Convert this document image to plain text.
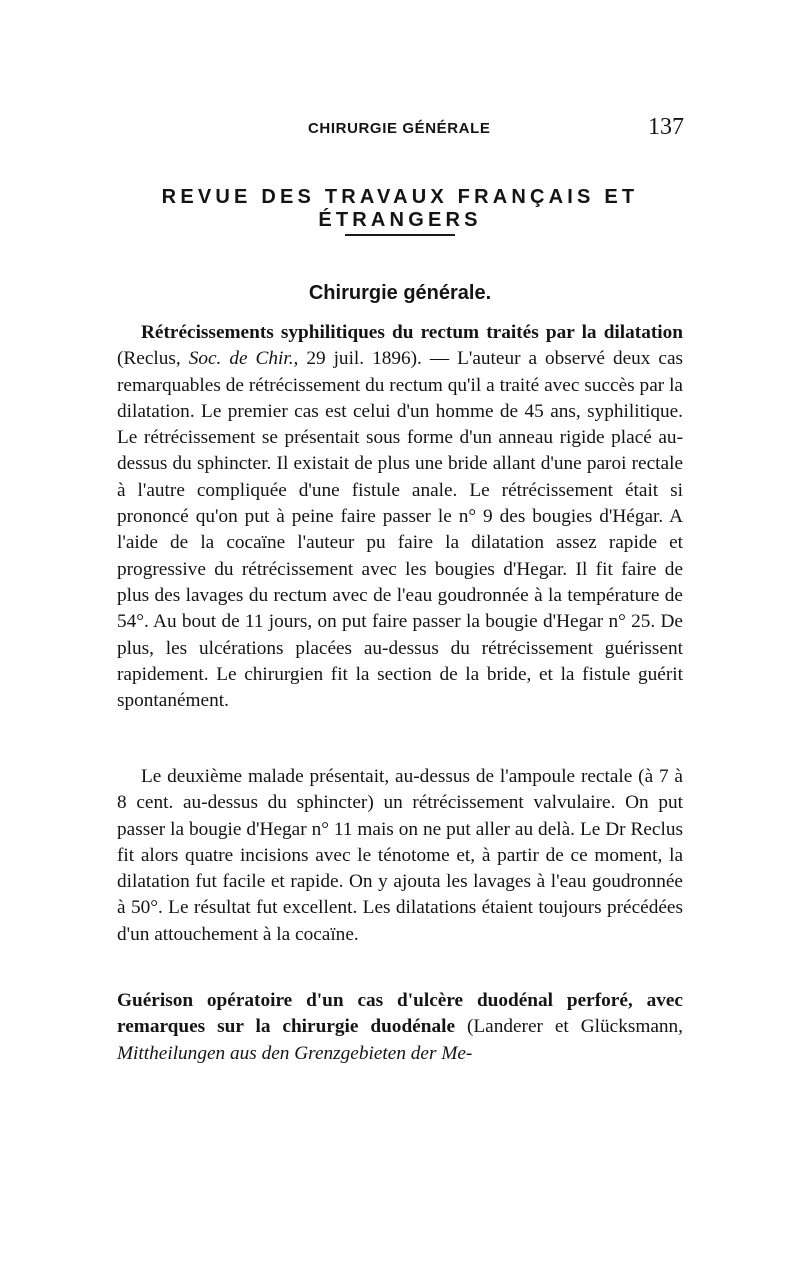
CHIRURGIE GÉNÉRALE	137
REVUE DES TRAVAUX FRANÇAIS ET ÉTRANGERS
Chirurgie générale.

Rétrécissements syphilitiques du rectum traités par la dilatation (Reclus, Soc. de Chir., 29 juil. 1896). — L'auteur a observé deux cas remarquables de rétrécissement du rectum qu'il a traité avec succès par la dilatation. Le premier cas est celui d'un homme de 45 ans, syphilitique. Le rétrécissement se présentait sous forme d'un anneau rigide placé au-dessus du sphincter. Il existait de plus une bride allant d'une paroi rectale à l'autre compliquée d'une fistule anale. Le rétrécissement était si prononcé qu'on put à peine faire passer le n° 9 des bougies d'Hégar. A l'aide de la cocaïne l'auteur pu faire la dilatation assez rapide et progressive du rétrécissement avec les bougies d'Hegar. Il fit faire de plus des lavages du rectum avec de l'eau goudronnée à la température de 54°. Au bout de 11 jours, on put faire passer la bougie d'Hegar n° 25. De plus, les ulcérations placées au-dessus du rétrécissement guérissent rapidement. Le chirurgien fit la section de la bride, et la fistule guérit spontanément.

Le deuxième malade présentait, au-dessus de l'ampoule rectale (à 7 à 8 cent. au-dessus du sphincter) un rétrécissement valvulaire. On put passer la bougie d'Hegar n° 11 mais on ne put aller au delà. Le Dr Reclus fit alors quatre incisions avec le ténotome et, à partir de ce moment, la dilatation fut facile et rapide. On y ajouta les lavages à l'eau goudronnée à 50°. Le résultat fut excellent. Les dilatations étaient toujours précédées d'un attouchement à la cocaïne.

Guérison opératoire d'un cas d'ulcère duodénal perforé, avec remarques sur la chirurgie duodénale (Landerer et Glücksmann, Mittheilungen aus den Grenzgebieten der Me-
